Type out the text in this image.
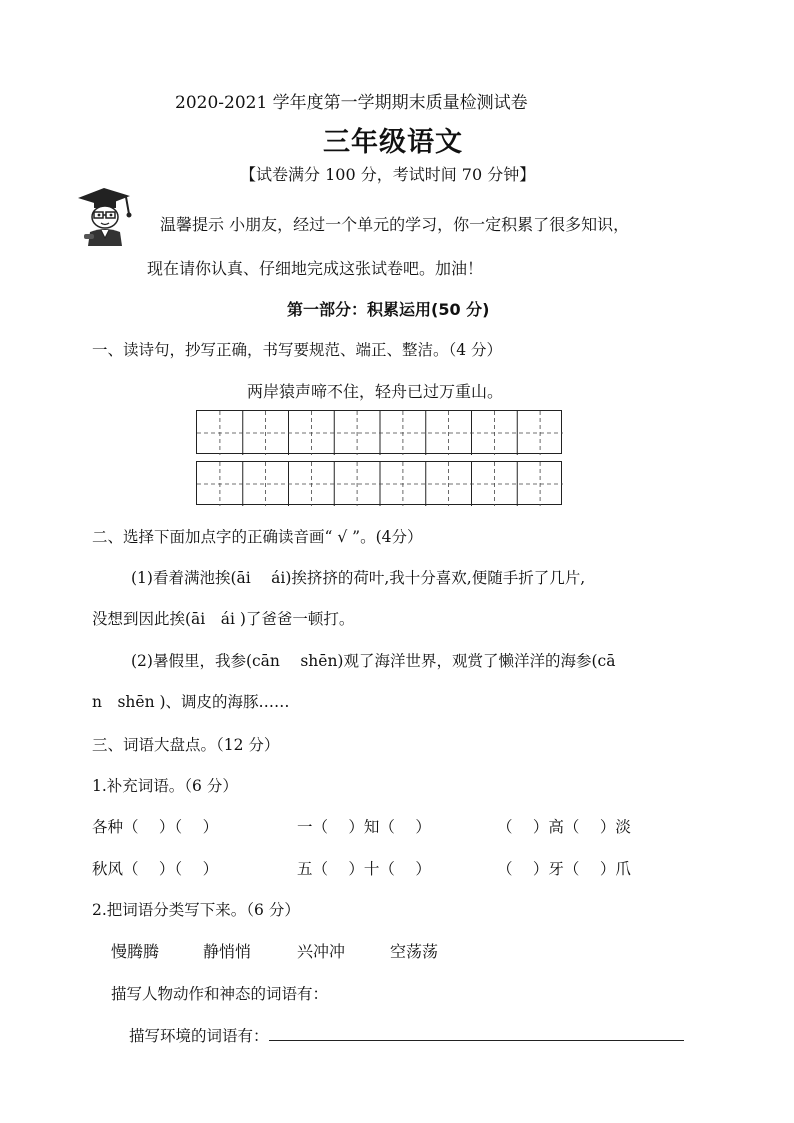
2020-2021 学年度第一学期期末质量检测试卷
三年级语文
【试卷满分 100 分，考试时间 70 分钟】
温馨提示 小朋友，经过一个单元的学习，你一定积累了很多知识，
现在请你认真、仔细地完成这张试卷吧。加油！
第一部分：积累运用(50 分)
一、读诗句，抄写正确，书写要规范、端正、整洁。（4 分）
两岸猿声啼不住，轻舟已过万重山。
二、选择下面加点字的正确读音画“ √ ”。(4分）
(1)看着满池挨(āi　 ái)挨挤挤的荷叶,我十分喜欢,便随手折了几片,
没想到因此挨(āi　ái )了爸爸一顿打。
(2)暑假里，我参(cān　 shēn)观了海洋世界，观赏了懒洋洋的海参(cā
n　shēn )、调皮的海豚……
三、词语大盘点。（12 分）
1.补充词语。（6 分）
各种（　 ）（　 ）	一（　 ）知（　 ）	（　 ）高（　 ）淡
秋风（　 ）（　 ）	五（　 ）十（　 ）	（　 ）牙（　 ）爪
2.把词语分类写下来。（6 分）
慢腾腾	静悄悄	兴冲冲	空荡荡
描写人物动作和神态的词语有：
描写环境的词语有：
